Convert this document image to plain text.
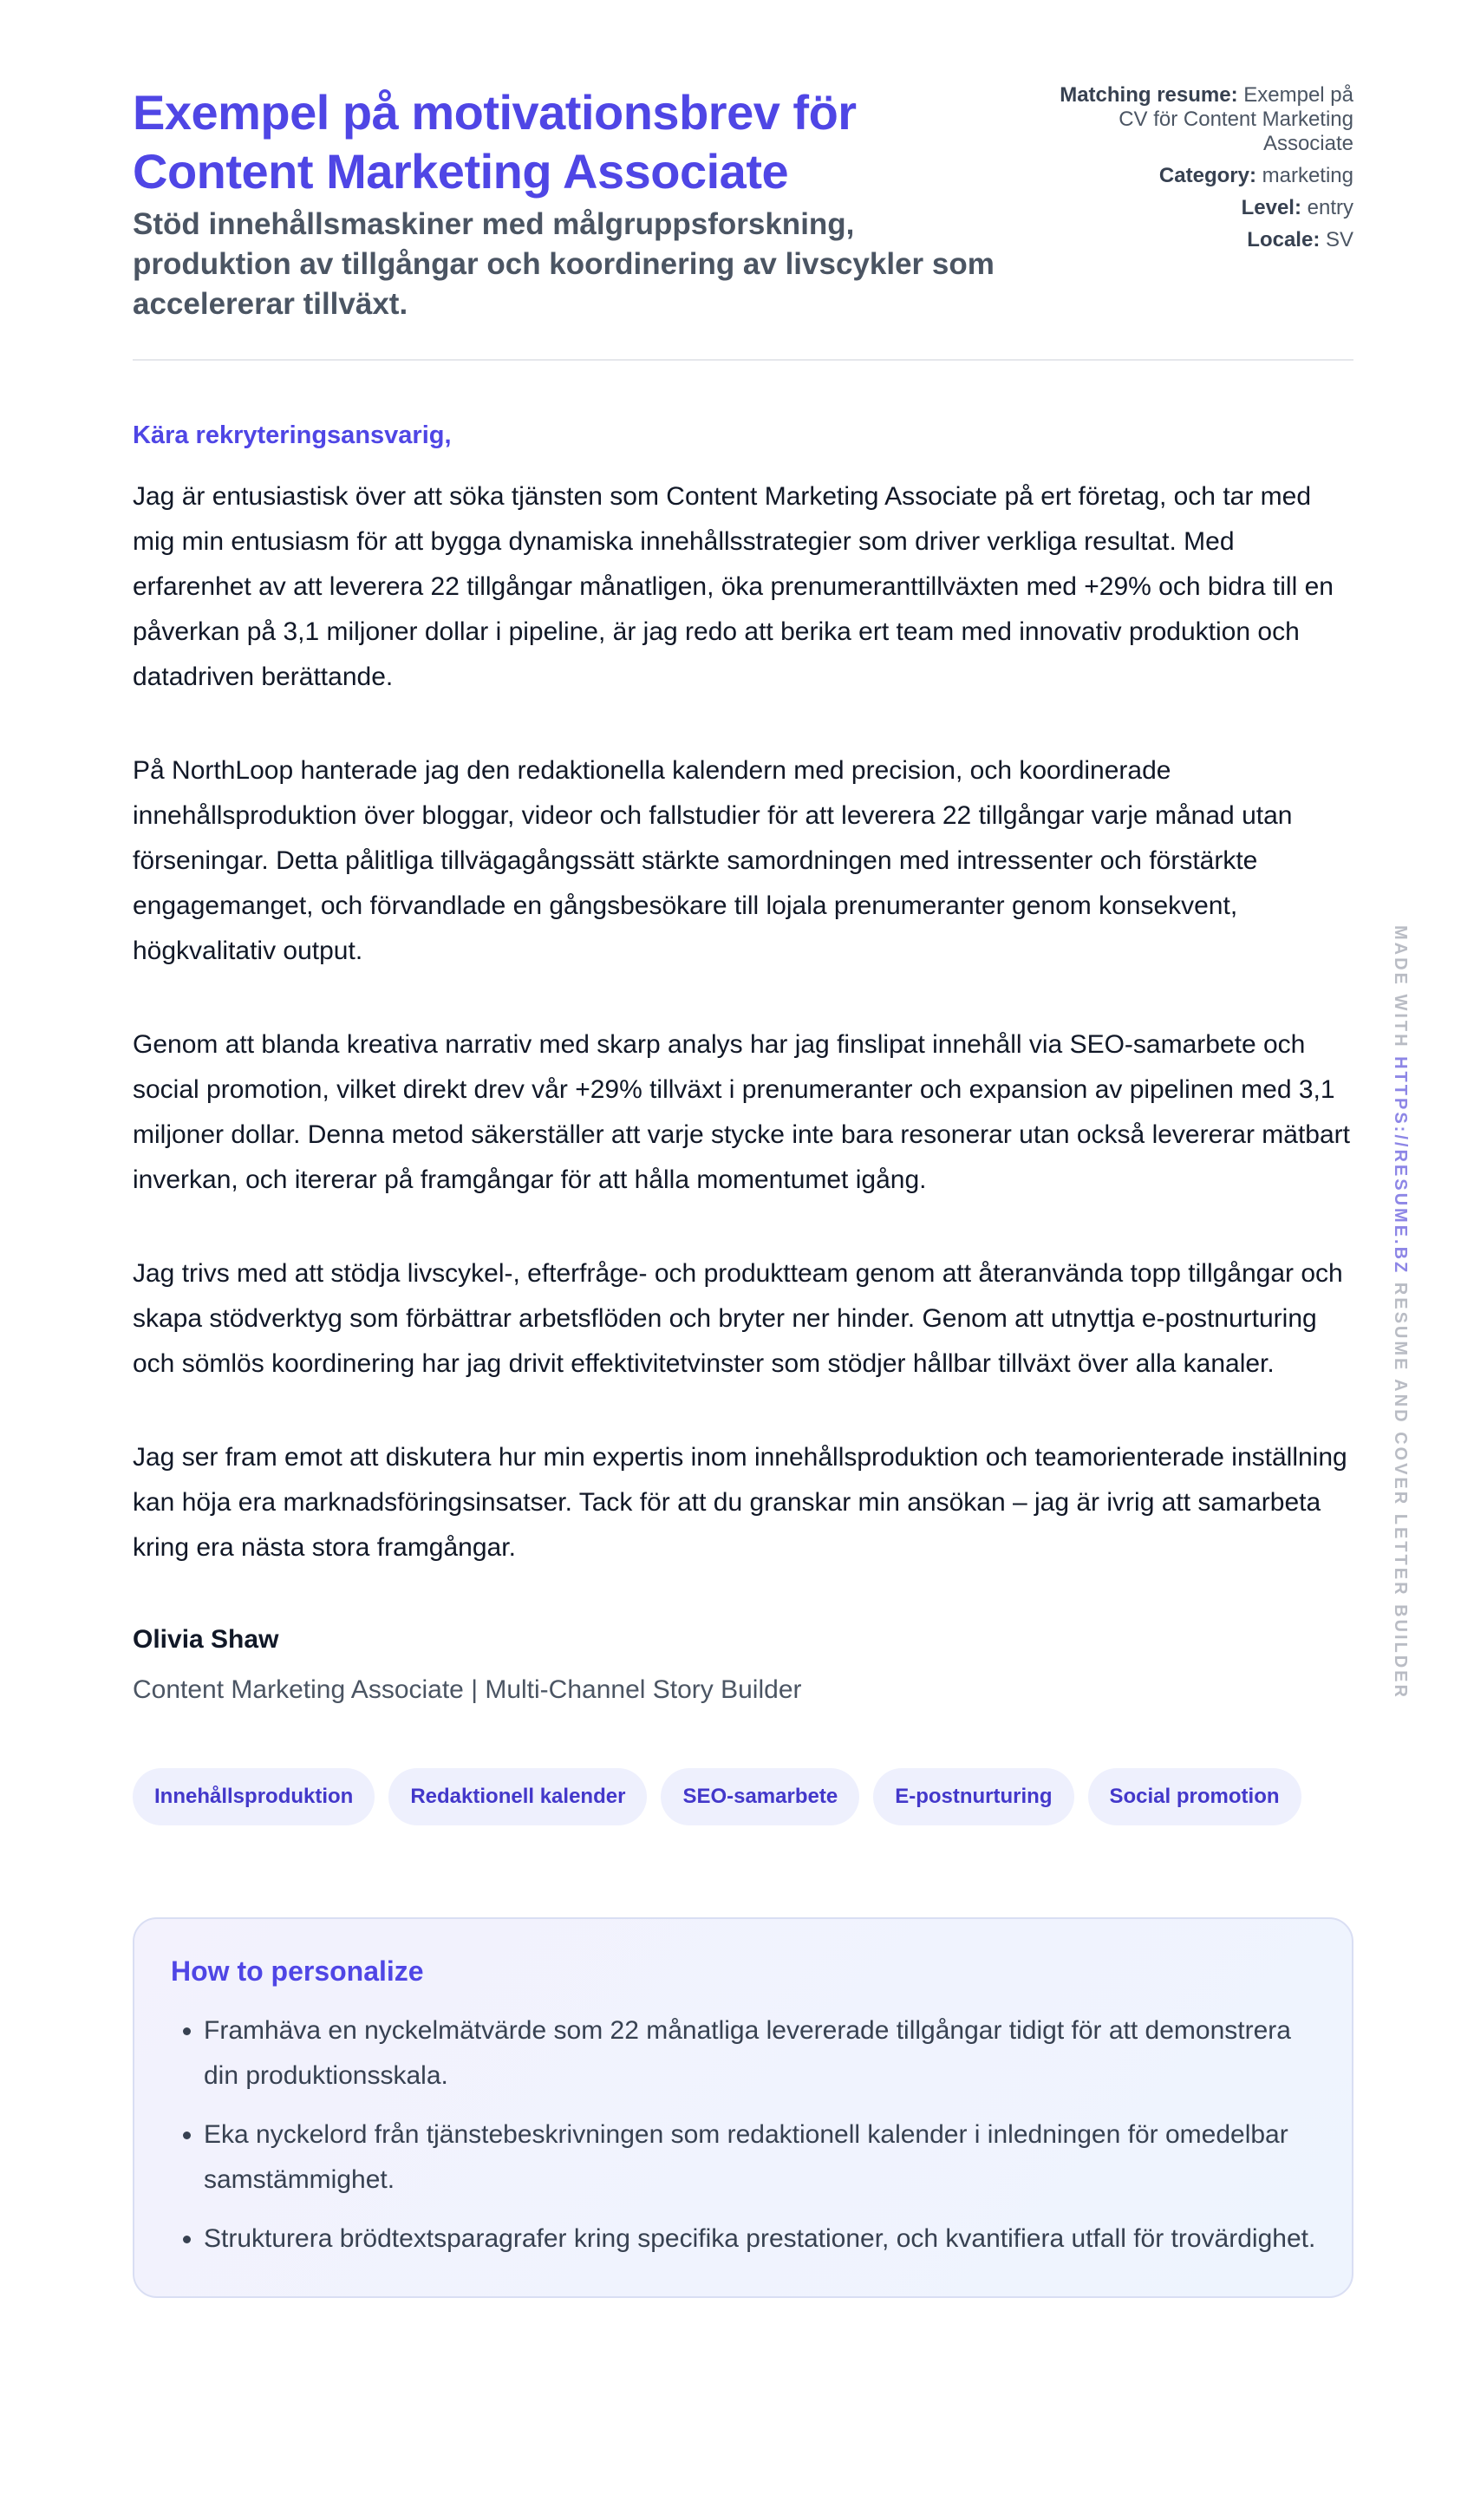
Exempel på motivationsbrev för Content Marketing Associate
Stöd innehållsmaskiner med målgruppsforskning, produktion av tillgångar och koordinering av livscykler som accelererar tillväxt.
Matching resume: Exempel på CV för Content Marketing Associate
Category: marketing
Level: entry
Locale: SV
Kära rekryteringsansvarig,

Jag är entusiastisk över att söka tjänsten som Content Marketing Associate på ert företag, och tar med mig min entusiasm för att bygga dynamiska innehållsstrategier som driver verkliga resultat. Med erfarenhet av att leverera 22 tillgångar månatligen, öka prenumeranttillväxten med +29% och bidra till en påverkan på 3,1 miljoner dollar i pipeline, är jag redo att berika ert team med innovativ produktion och datadriven berättande.

På NorthLoop hanterade jag den redaktionella kalendern med precision, och koordinerade innehållsproduktion över bloggar, videor och fallstudier för att leverera 22 tillgångar varje månad utan förseningar. Detta pålitliga tillvägagångssätt stärkte samordningen med intressenter och förstärkte engagemanget, och förvandlade en gångsbesökare till lojala prenumeranter genom konsekvent, högkvalitativ output.

Genom att blanda kreativa narrativ med skarp analys har jag finslipat innehåll via SEO-samarbete och social promotion, vilket direkt drev vår +29% tillväxt i prenumeranter och expansion av pipelinen med 3,1 miljoner dollar. Denna metod säkerställer att varje stycke inte bara resonerar utan också levererar mätbart inverkan, och itererar på framgångar för att hålla momentumet igång.

Jag trivs med att stödja livscykel-, efterfråge- och produktteam genom att återanvända topp tillgångar och skapa stödverktyg som förbättrar arbetsflöden och bryter ner hinder. Genom att utnyttja e-postnurturing och sömlös koordinering har jag drivit effektivitetvinster som stödjer hållbar tillväxt över alla kanaler.

Jag ser fram emot att diskutera hur min expertis inom innehållsproduktion och teamorienterade inställning kan höja era marknadsföringsinsatser. Tack för att du granskar min ansökan – jag är ivrig att samarbeta kring era nästa stora framgångar.

Olivia Shaw
Content Marketing Associate | Multi-Channel Story Builder
Innehållsproduktion	Redaktionell kalender	SEO-samarbete	E-postnurturing	Social promotion
How to personalize
• Framhäva en nyckelmätvärde som 22 månatliga levererade tillgångar tidigt för att demonstrera din produktionsskala.
• Eka nyckelord från tjänstebeskrivningen som redaktionell kalender i inledningen för omedelbar samstämmighet.
• Strukturera brödtextsparagrafer kring specifika prestationer, och kvantifiera utfall för trovärdighet.
MADE WITH HTTPS://RESUME.BZ RESUME AND COVER LETTER BUILDER
